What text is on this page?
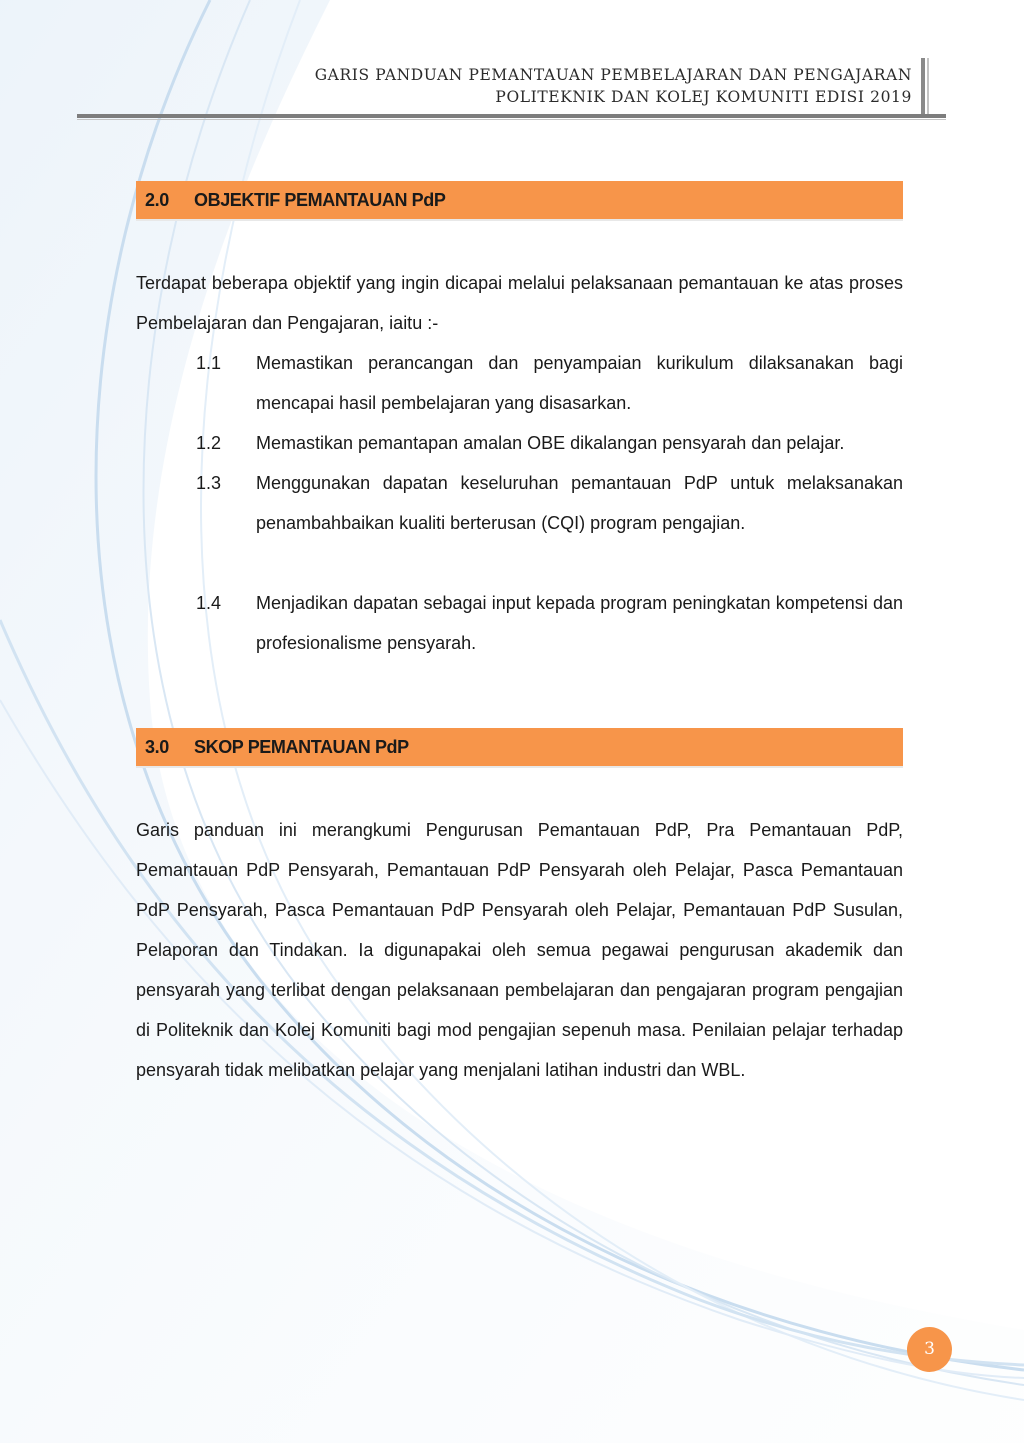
GARIS PANDUAN PEMANTAUAN PEMBELAJARAN DAN PENGAJARAN
POLITEKNIK DAN KOLEJ KOMUNITI EDISI 2019
2.0 OBJEKTIF PEMANTAUAN PdP

Terdapat beberapa objektif yang ingin dicapai melalui pelaksanaan pemantauan ke atas proses Pembelajaran dan Pengajaran, iaitu :-

1.1 Memastikan perancangan dan penyampaian kurikulum dilaksanakan bagi mencapai hasil pembelajaran yang disasarkan.
1.2 Memastikan pemantapan amalan OBE dikalangan pensyarah dan pelajar.
1.3 Menggunakan dapatan keseluruhan pemantauan PdP untuk melaksanakan penambahbaikan kualiti berterusan (CQI) program pengajian.
1.4 Menjadikan dapatan sebagai input kepada program peningkatan kompetensi dan profesionalisme pensyarah.
3.0 SKOP PEMANTAUAN PdP

Garis panduan ini merangkumi Pengurusan Pemantauan PdP, Pra Pemantauan PdP, Pemantauan PdP Pensyarah, Pemantauan PdP Pensyarah oleh Pelajar, Pasca Pemantauan PdP Pensyarah, Pasca Pemantauan PdP Pensyarah oleh Pelajar, Pemantauan PdP Susulan, Pelaporan dan Tindakan. Ia digunapakai oleh semua pegawai pengurusan akademik dan pensyarah yang terlibat dengan pelaksanaan pembelajaran dan pengajaran program pengajian di Politeknik dan Kolej Komuniti bagi mod pengajian sepenuh masa. Penilaian pelajar terhadap pensyarah tidak melibatkan pelajar yang menjalani latihan industri dan WBL.

3
